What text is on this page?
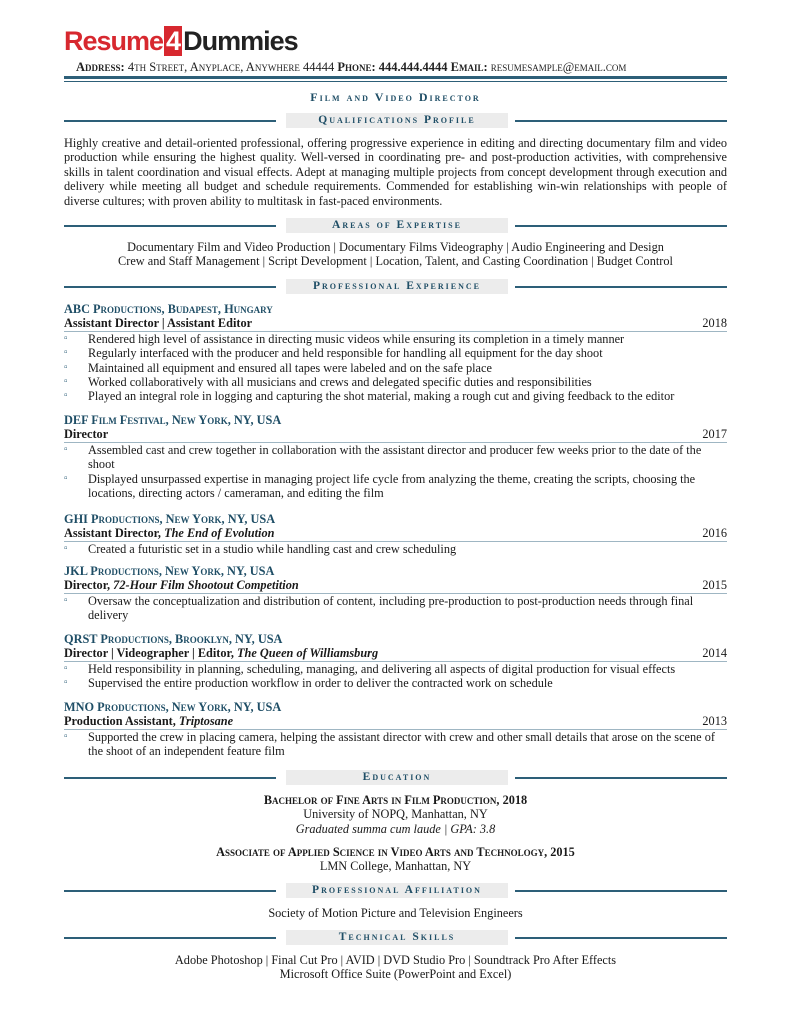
Resume 4 Dummies
Address: 4th Street, Anyplace, Anywhere 44444 Phone: 444.444.4444 Email: resumesample@email.com
Film and Video Director
Qualifications Profile
Highly creative and detail-oriented professional, offering progressive experience in editing and directing documentary film and video production while ensuring the highest quality. Well-versed in coordinating pre- and post-production activities, with comprehensive skills in talent coordination and visual effects. Adept at managing multiple projects from concept development through execution and delivery while meeting all budget and schedule requirements. Commended for establishing win-win relationships with people of diverse cultures; with proven ability to multitask in fast-paced environments.
Areas of Expertise
Documentary Film and Video Production | Documentary Films Videography | Audio Engineering and Design
Crew and Staff Management | Script Development | Location, Talent, and Casting Coordination | Budget Control
Professional Experience
ABC Productions, Budapest, Hungary
Assistant Director | Assistant Editor	2018
▫ Rendered high level of assistance in directing music videos while ensuring its completion in a timely manner
▫ Regularly interfaced with the producer and held responsible for handling all equipment for the day shoot
▫ Maintained all equipment and ensured all tapes were labeled and on the safe place
▫ Worked collaboratively with all musicians and crews and delegated specific duties and responsibilities
▫ Played an integral role in logging and capturing the shot material, making a rough cut and giving feedback to the editor
DEF Film Festival, New York, NY, USA
Director	2017
▫ Assembled cast and crew together in collaboration with the assistant director and producer few weeks prior to the date of the shoot
▫ Displayed unsurpassed expertise in managing project life cycle from analyzing the theme, creating the scripts, choosing the locations, directing actors / cameraman, and editing the film
GHI Productions, New York, NY, USA
Assistant Director, The End of Evolution	2016
▫ Created a futuristic set in a studio while handling cast and crew scheduling
JKL Productions, New York, NY, USA
Director, 72-Hour Film Shootout Competition	2015
▫ Oversaw the conceptualization and distribution of content, including pre-production to post-production needs through final delivery
QRST Productions, Brooklyn, NY, USA
Director | Videographer | Editor, The Queen of Williamsburg	2014
▫ Held responsibility in planning, scheduling, managing, and delivering all aspects of digital production for visual effects
▫ Supervised the entire production workflow in order to deliver the contracted work on schedule
MNO Productions, New York, NY, USA
Production Assistant, Triptosane	2013
▫ Supported the crew in placing camera, helping the assistant director with crew and other small details that arose on the scene of the shoot of an independent feature film
Education
Bachelor of Fine Arts in Film Production, 2018
University of NOPQ, Manhattan, NY
Graduated summa cum laude | GPA: 3.8
Associate of Applied Science in Video Arts and Technology, 2015
LMN College, Manhattan, NY
Professional Affiliation
Society of Motion Picture and Television Engineers
Technical Skills
Adobe Photoshop | Final Cut Pro | AVID | DVD Studio Pro | Soundtrack Pro After Effects
Microsoft Office Suite (PowerPoint and Excel)
